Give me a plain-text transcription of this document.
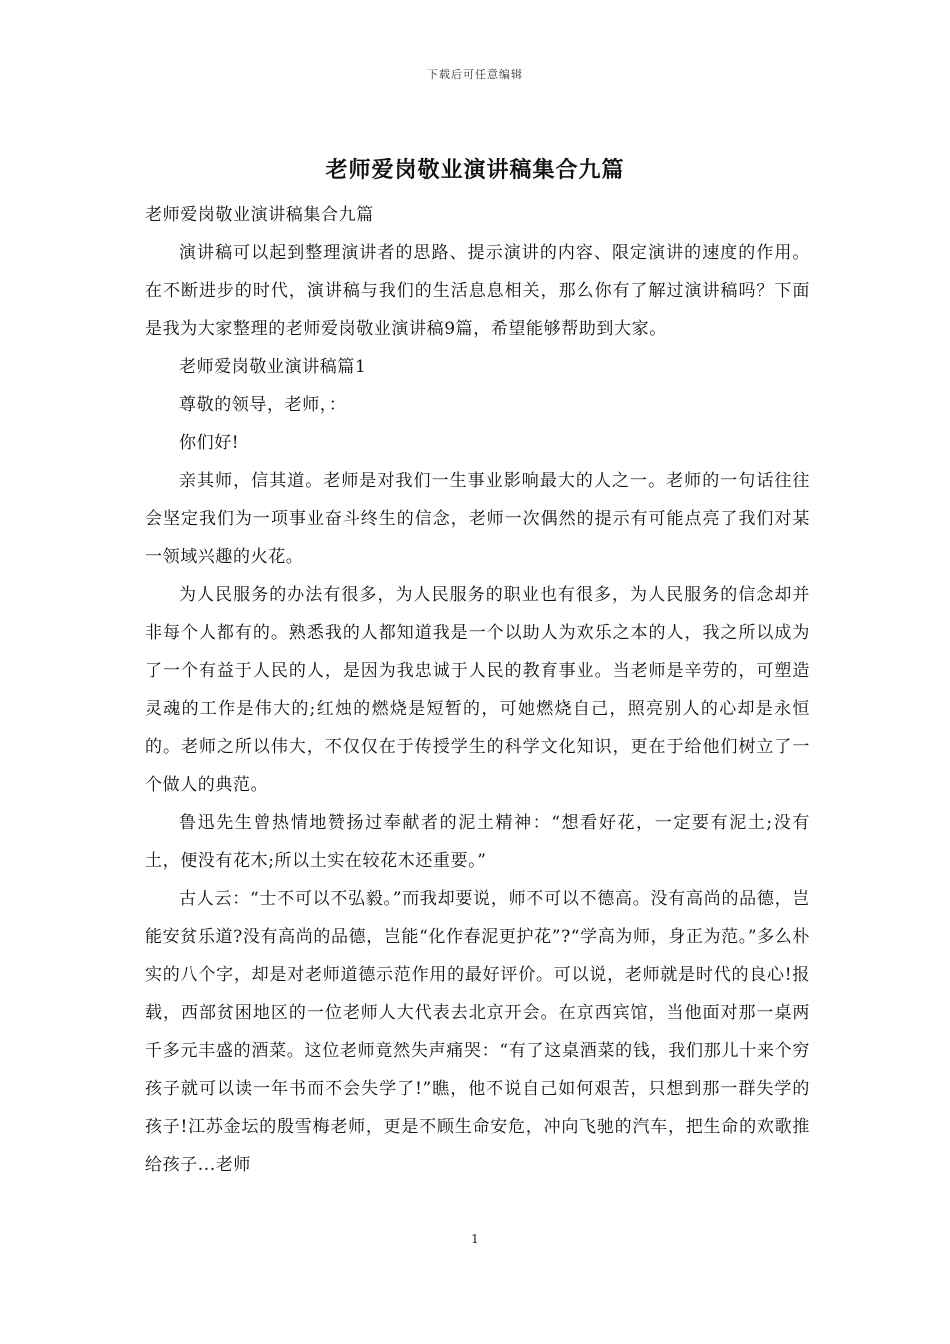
下载后可任意编辑
老师爱岗敬业演讲稿集合九篇

老师爱岗敬业演讲稿集合九篇

演讲稿可以起到整理演讲者的思路、提示演讲的内容、限定演讲的速度的作用。在不断进步的时代，演讲稿与我们的生活息息相关，那么你有了解过演讲稿吗？下面是我为大家整理的老师爱岗敬业演讲稿9篇，希望能够帮助到大家。

老师爱岗敬业演讲稿篇1

尊敬的领导，老师，：

你们好!

亲其师，信其道。老师是对我们一生事业影响最大的人之一。老师的一句话往往会坚定我们为一项事业奋斗终生的信念，老师一次偶然的提示有可能点亮了我们对某一领域兴趣的火花。

为人民服务的办法有很多，为人民服务的职业也有很多，为人民服务的信念却并非每个人都有的。熟悉我的人都知道我是一个以助人为欢乐之本的人，我之所以成为了一个有益于人民的人，是因为我忠诚于人民的教育事业。当老师是辛劳的，可塑造灵魂的工作是伟大的;红烛的燃烧是短暂的，可她燃烧自己，照亮别人的心却是永恒的。老师之所以伟大，不仅仅在于传授学生的科学文化知识，更在于给他们树立了一个做人的典范。

鲁迅先生曾热情地赞扬过奉献者的泥土精神：“想看好花，一定要有泥土;没有土，便没有花木;所以土实在较花木还重要。”

古人云：“士不可以不弘毅。”而我却要说，师不可以不德高。没有高尚的品德，岂能安贫乐道?没有高尚的品德，岂能“化作春泥更护花”?“学高为师，身正为范。”多么朴实的八个字，却是对老师道德示范作用的最好评价。可以说，老师就是时代的良心!报载，西部贫困地区的一位老师人大代表去北京开会。在京西宾馆，当他面对那一桌两千多元丰盛的酒菜。这位老师竟然失声痛哭：“有了这桌酒菜的钱，我们那儿十来个穷孩子就可以读一年书而不会失学了!”瞧，他不说自己如何艰苦，只想到那一群失学的孩子!江苏金坛的殷雪梅老师，更是不顾生命安危，冲向飞驰的汽车，把生命的欢歌推给孩子...老师

1
